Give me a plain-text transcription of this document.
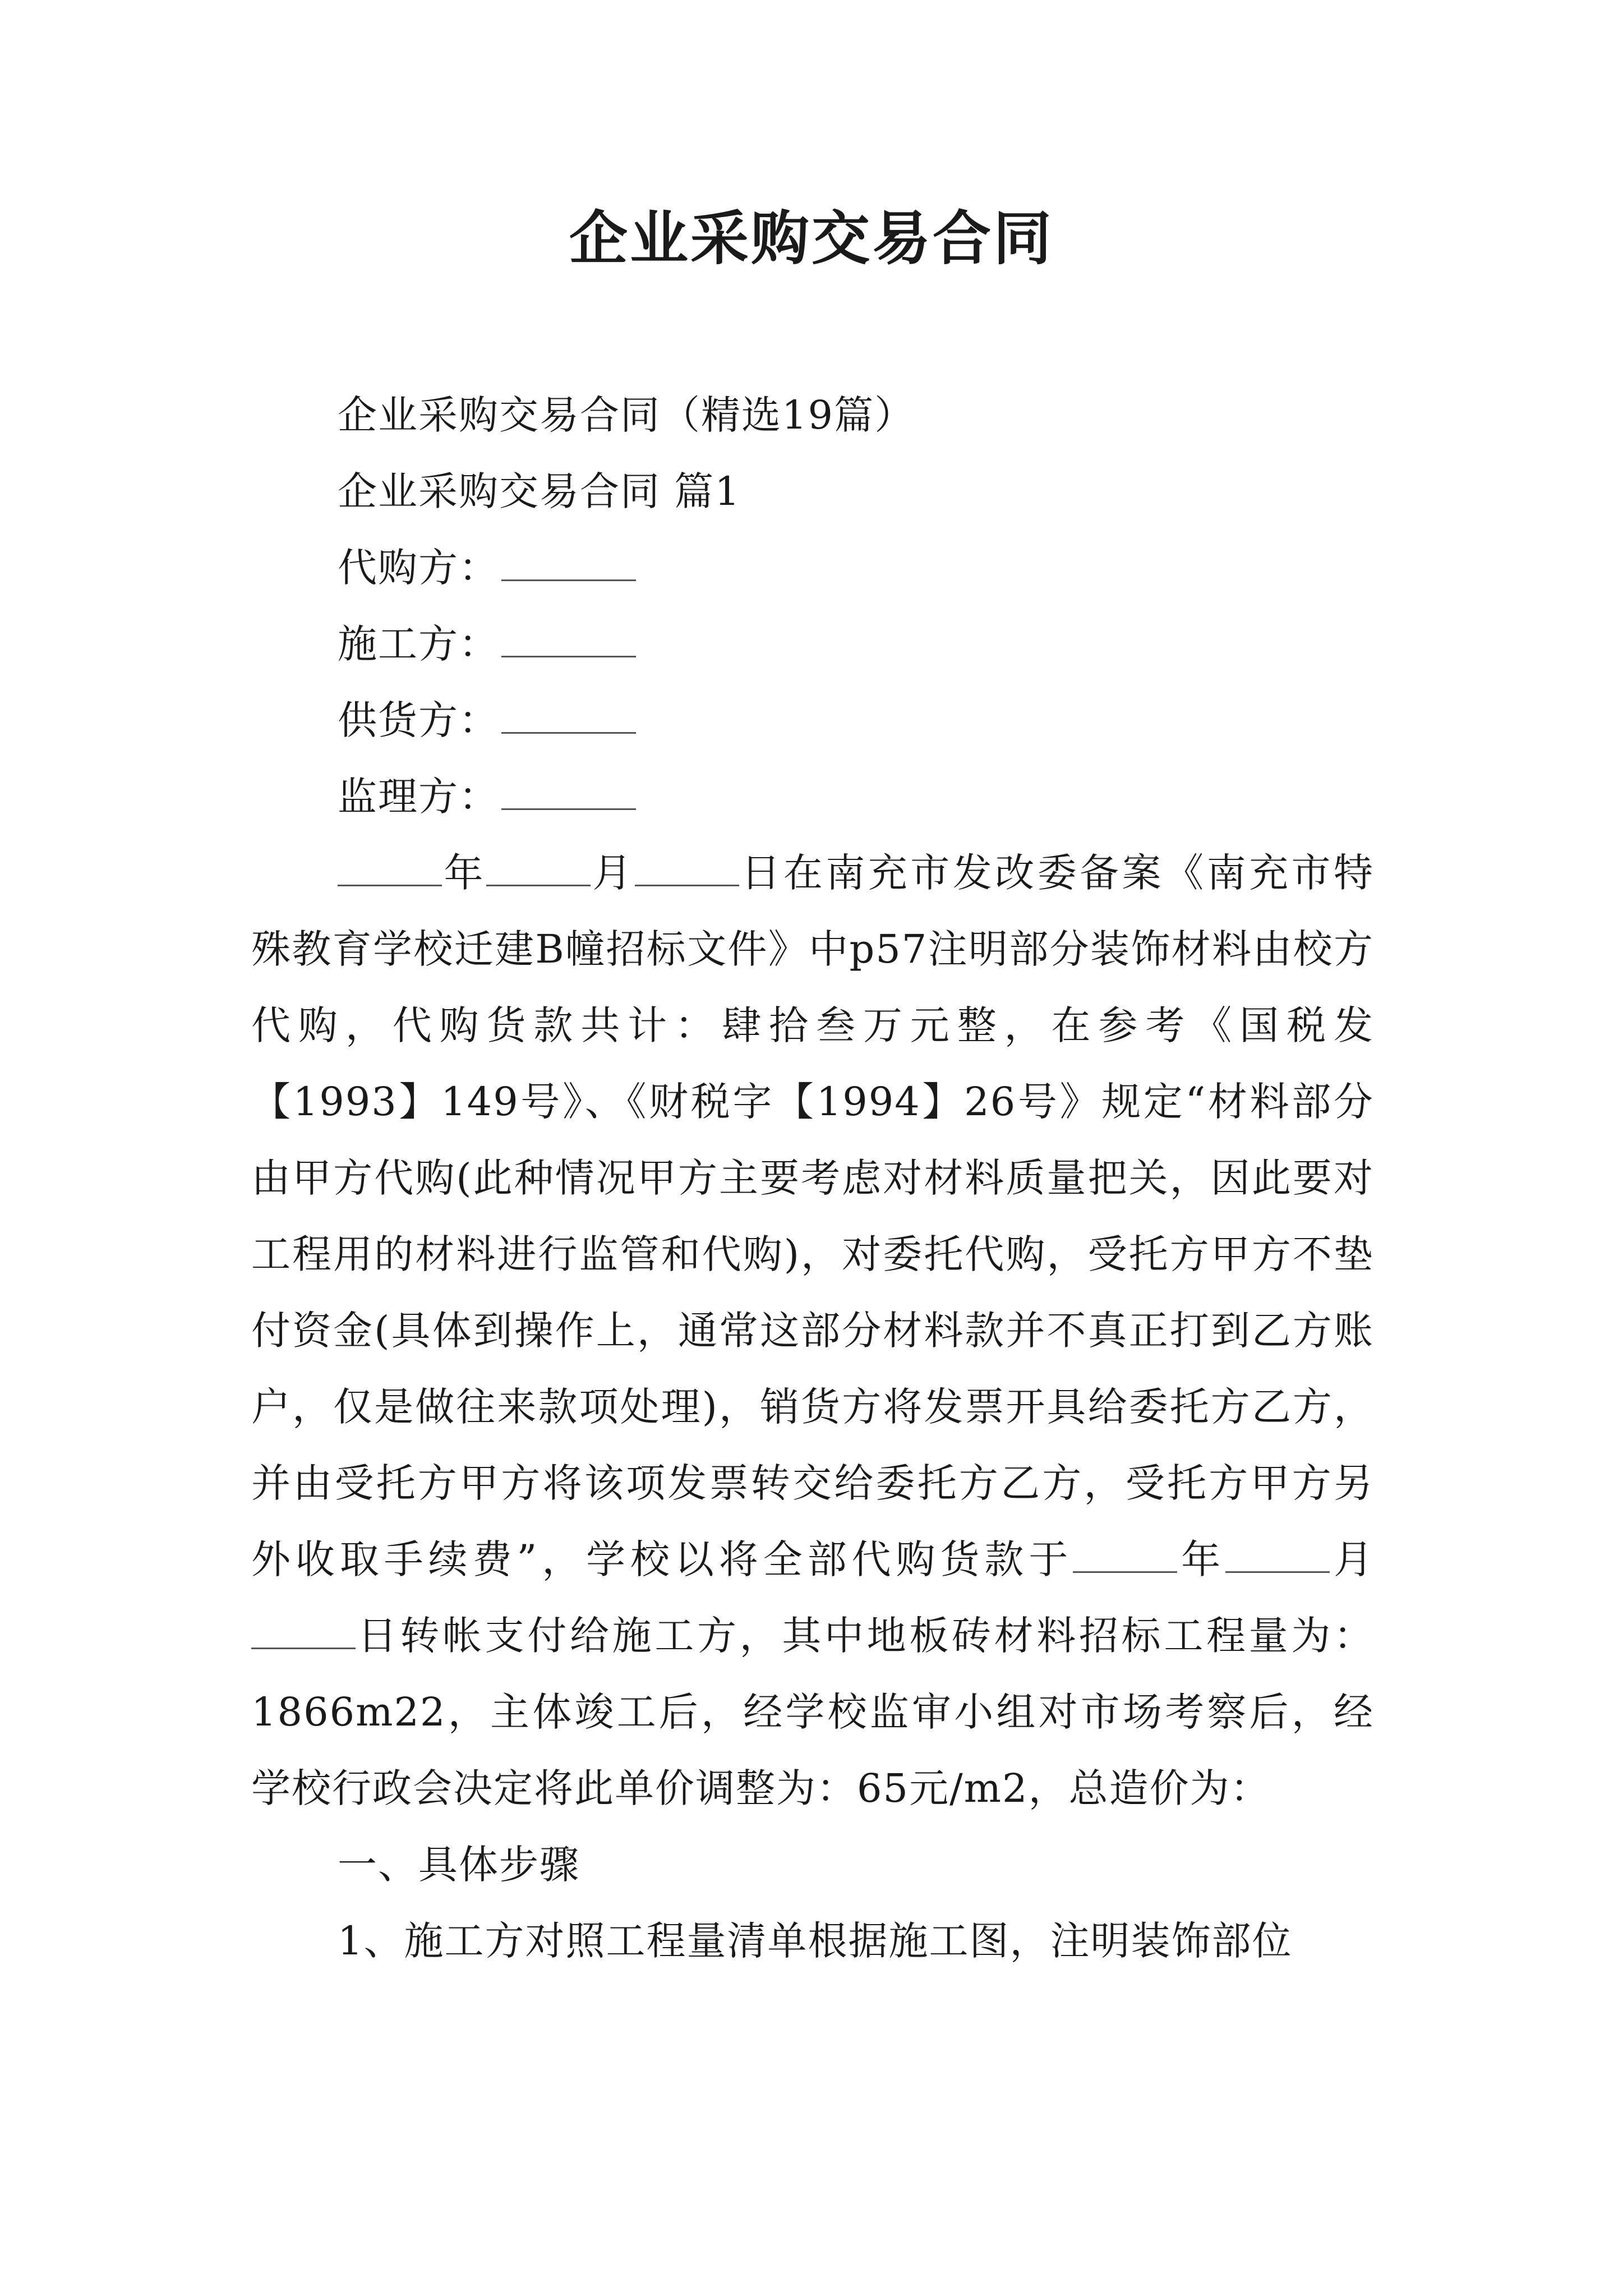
企业采购交易合同

企业采购交易合同（精选19篇）

企业采购交易合同 篇1

代购方：

施工方：

供货方：

监理方：

年	月	日在南充市发改委备案《南充市特殊教育学校迁建B幢招标文件》中p57注明部分装饰材料由校方代购，代购货款共计：肆拾叁万元整，在参考《国税发【1993】149号》、《财税字【1994】26号》规定“材料部分由甲方代购(此种情况甲方主要考虑对材料质量把关，因此要对工程用的材料进行监管和代购)，对委托代购，受托方甲方不垫付资金(具体到操作上，通常这部分材料款并不真正打到乙方账户，仅是做往来款项处理)，销货方将发票开具给委托方乙方，并由受托方甲方将该项发票转交给委托方乙方，受托方甲方另外收取手续费”，学校以将全部代购货款于	年	月日转帐支付给施工方，其中地板砖材料招标工程量为：1866m22，主体竣工后，经学校监审小组对市场考察后，经学校行政会决定将此单价调整为：65元/m2，总造价为：

一、具体步骤

1、施工方对照工程量清单根据施工图，注明装饰部位
